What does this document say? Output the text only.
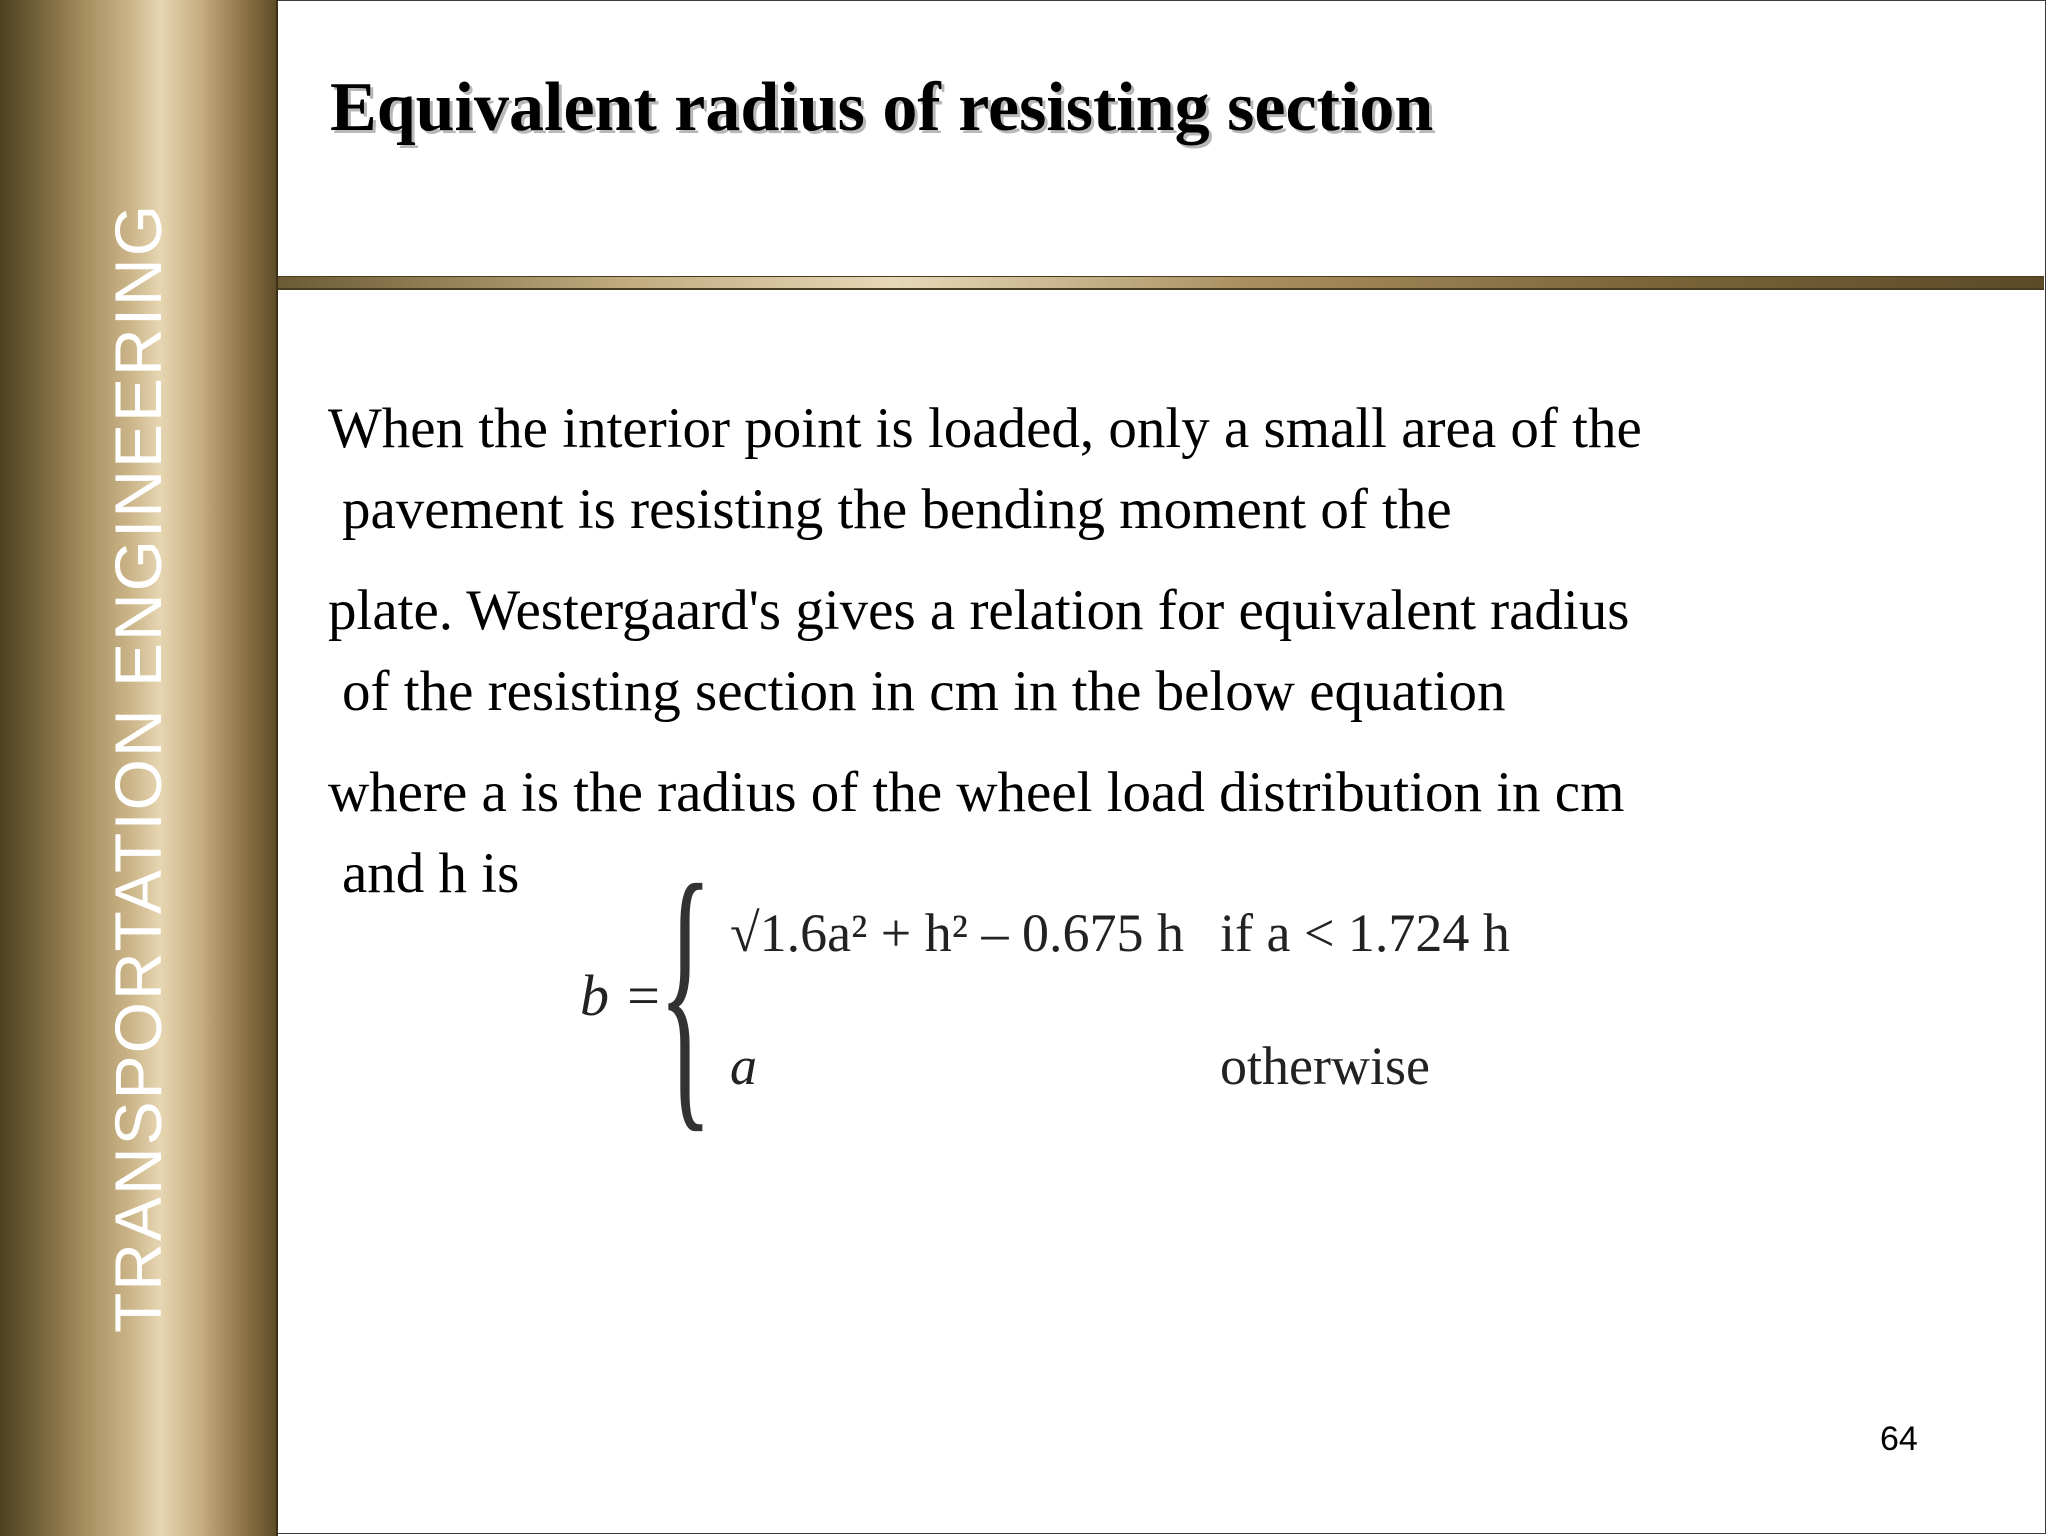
TRANSPORTATION ENGINEERING
Equivalent radius of resisting section

When the interior point is loaded, only a small area of the
pavement is resisting the bending moment of the

plate. Westergaard's gives a relation for equivalent radius
of the resisting section in cm in the below equation

where a is the radius of the wheel load distribution in cm
and h is

b =
{ √1.6a² + h² – 0.675 h if a < 1.724 h
a	otherwise
64
